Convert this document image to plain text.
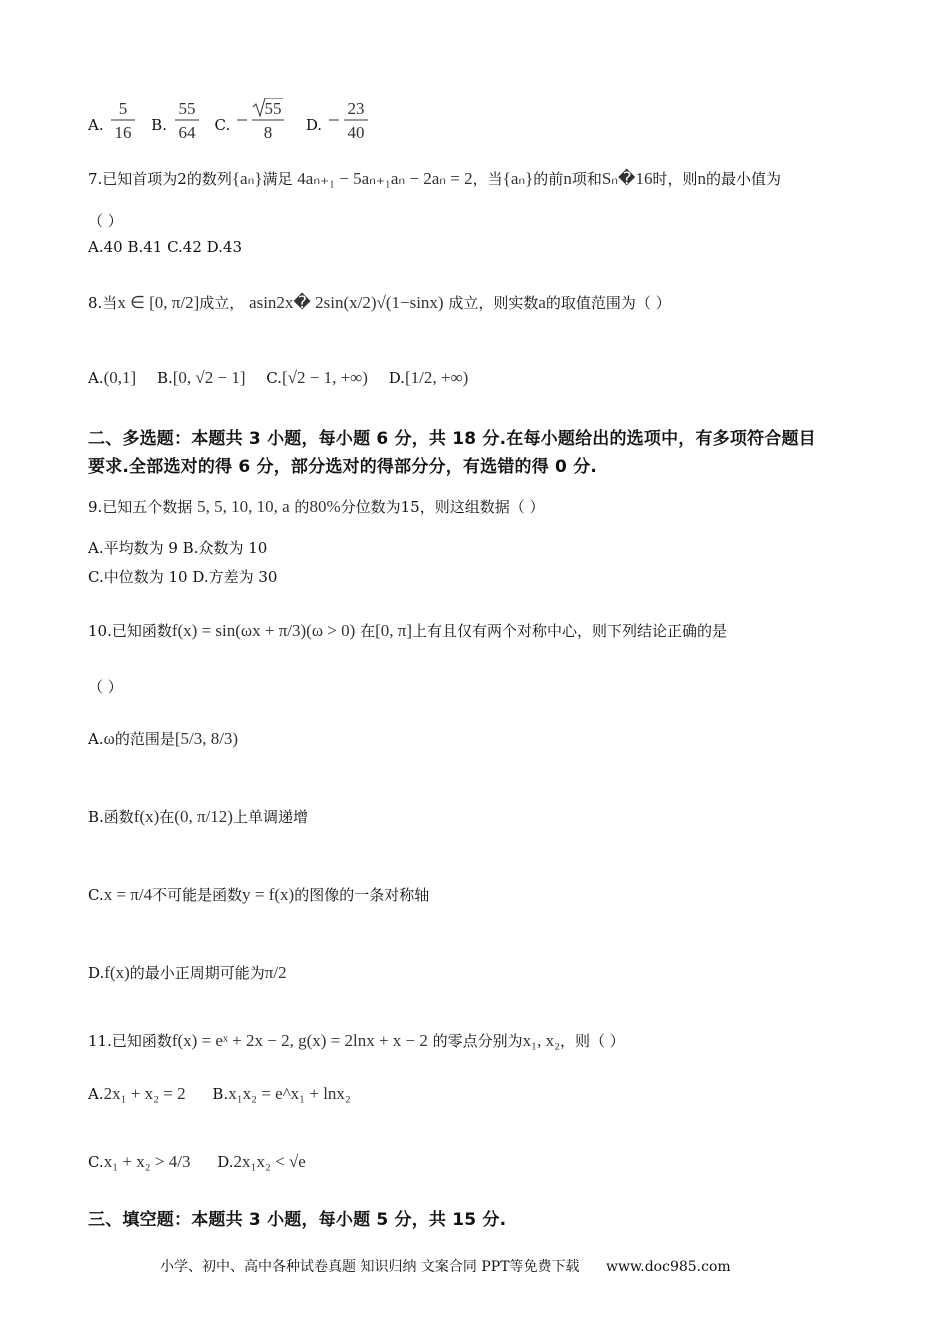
A.
5
16 B.
55
64 C.
55
8 D.
23
40
7.已知首项为2的数列{aₙ}满足 4aₙ₊₁ − 5aₙ₊₁aₙ − 2aₙ = 2，当{aₙ}的前n项和Sₙ�16时，则n的最小值为
（ ）
A.40 B.41 C.42 D.43
8.当x ∈ [0, π/2]成立， asin2x� 2sin(x/2)√(1−sinx) 成立，则实数a的取值范围为（ ）
A.(0,1] B.[0, √2 − 1] C.[√2 − 1, +∞) D.[1/2, +∞)
二、多选题：本题共 3 小题，每小题 6 分，共 18 分.在每小题给出的选项中，有多项符合题目
要求.全部选对的得 6 分，部分选对的得部分分，有选错的得 0 分.
9.已知五个数据 5, 5, 10, 10, a 的80%分位数为15，则这组数据（ ）
A.平均数为 9 B.众数为 10
C.中位数为 10 D.方差为 30
10.已知函数f(x) = sin(ωx + π/3)(ω > 0) 在[0, π]上有且仅有两个对称中心，则下列结论正确的是
（ ）
A.ω的范围是[5/3, 8/3)
B.函数f(x)在(0, π/12)上单调递增
C.x = π/4不可能是函数y = f(x)的图像的一条对称轴
D.f(x)的最小正周期可能为π/2
11.已知函数f(x) = eˣ + 2x − 2, g(x) = 2lnx + x − 2 的零点分别为x₁, x₂，则（ ）
A.2x₁ + x₂ = 2 B.x₁x₂ = e^x₁ + lnx₂
C.x₁ + x₂ > 4/3 D.2x₁x₂ < √e
三、填空题：本题共 3 小题，每小题 5 分，共 15 分.
小学、初中、高中各种试卷真题 知识归纳 文案合同 PPT等免费下载 www.doc985.com
